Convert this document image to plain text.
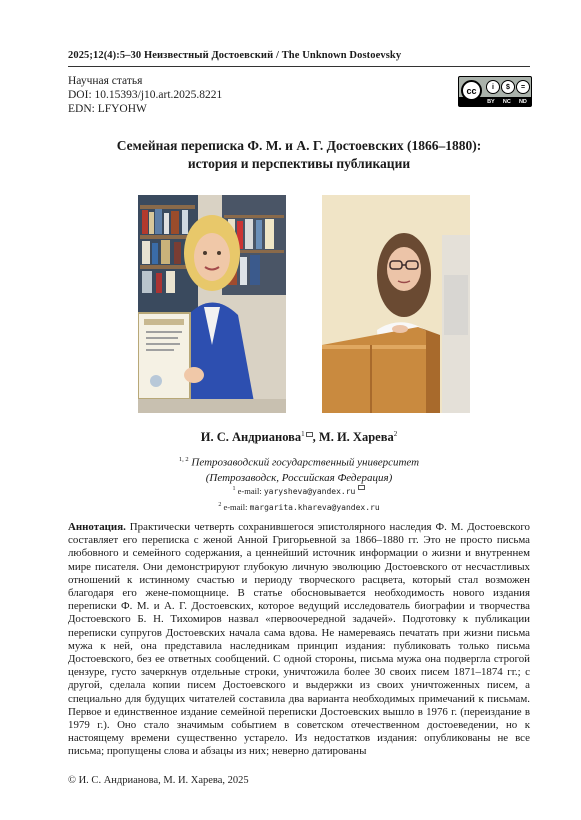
2025;12(4):5–30 Неизвестный Достоевский / The Unknown Dostoevsky
Научная статья
DOI: 10.15393/j10.art.2025.8221
EDN: LFYOHW
cc	i	$	=
BY NC ND
Семейная переписка Ф. М. и А. Г. Достоевских (1866–1880):
история и перспективы публикации
И. С. Андрианова$^1$ , М. И. Харева$^2$
$^{1, 2}$ Петрозаводский государственный университет
(Петрозаводск, Российская Федерация)
$^1$ e-mail: yarysheva@yandex.ru
$^2$ e-mail: margarita.khareva@yandex.ru
Аннотация. Практически четверть сохранившегося эпистолярного наследия Ф. М. Достоевского составляет его переписка с женой Анной Григорьевной за 1866–1880 гг. Это не просто письма любовного и семейного содержания, а ценнейший источник информации о жизни и внутреннем мире писателя. Они демонстрируют глубокую личную эволюцию Достоевского от несчастливых отношений к истинному счастью и периоду творческого расцвета, который стал возможен благодаря его жене-помощнице. В статье обосновывается необходимость нового издания переписки Ф. М. и А. Г. Достоевских, которое ведущий исследователь биографии и творчества Достоевского Б. Н. Тихомиров назвал «первоочередной задачей». Подготовку к публикации переписки супругов Достоевских начала сама вдова. Не намереваясь печатать при жизни письма мужа к ней, она представила наследникам принцип издания: публиковать только письма Достоевского, без ее ответных сообщений. С одной стороны, письма мужа она подвергла строгой цензуре, густо зачеркнув отдельные строки, уничтожила более 30 своих писем 1871–1874 гг.; с другой, сделала копии писем Достоевского и выдержки из своих уничтоженных писем, а специально для будущих читателей составила два варианта необходимых примечаний к письмам. Первое и единственное издание семейной переписки Достоевских вышло в 1976 г. (переиздание в 1979 г.). Оно стало значимым событием в советском отечественном достоеведении, но к настоящему времени существенно устарело. Из недостатков издания: опубликованы не все письма; пропущены слова и абзацы из них; неверно датированы
© И. С. Андрианова, М. И. Харева, 2025
